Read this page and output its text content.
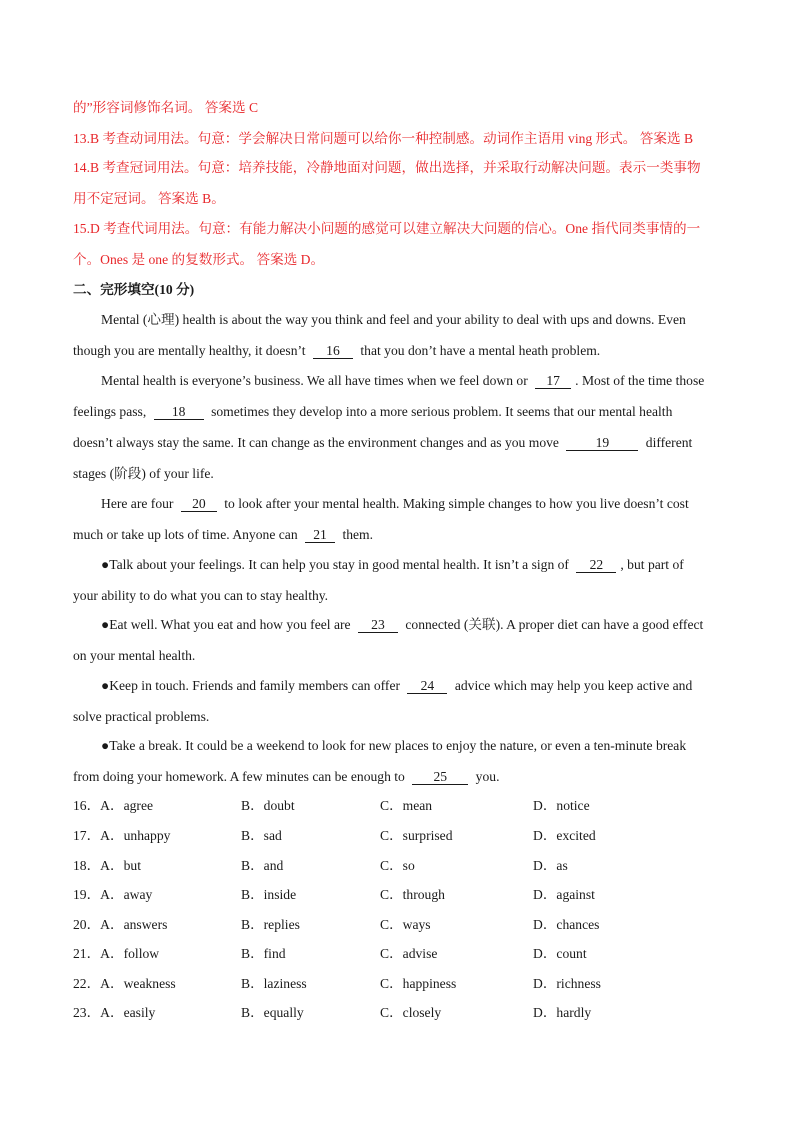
的”形容词修饰名词。 答案选 C
13.B 考查动词用法。句意：学会解决日常问题可以给你一种控制感。动词作主语用 ving 形式。 答案选 B
14.B 考查冠词用法。句意：培养技能，冷静地面对问题，做出选择，并采取行动解决问题。表示一类事物
用不定冠词。 答案选 B。
15.D 考查代词用法。句意：有能力解决小问题的感觉可以建立解决大问题的信心。One 指代同类事情的一
个。Ones 是 one 的复数形式。 答案选 D。
二、完形填空(10 分)
Mental (心理) health is about the way you think and feel and your ability to deal with ups and downs. Even
though you are mentally healthy, it doesn’t 16 that you don’t have a mental heath problem.
Mental health is everyone’s business. We all have times when we feel down or 17 . Most of the time those
feelings pass, 18 sometimes they develop into a more serious problem. It seems that our mental health
doesn’t always stay the same. It can change as the environment changes and as you move	19	different
stages (阶段) of your life.
Here are four 20 to look after your mental health. Making simple changes to how you live doesn’t cost
much or take up lots of time. Anyone can 21 them.
●Talk about your feelings. It can help you stay in good mental health. It isn’t a sign of 22 , but part of
your ability to do what you can to stay healthy.
●Eat well. What you eat and how you feel are 23 connected (关联). A proper diet can have a good effect
on your mental health.
●Keep in touch. Friends and family members can offer 24 advice which may help you keep active and
solve practical problems.
●Take a break. It could be a weekend to look for new places to enjoy the nature, or even a ten-minute break
from doing your homework. A few minutes can be enough to 25 you.
16．A．agree	B．doubt	C．mean	D．notice
17．A．unhappy	B．sad	C．surprised	D．excited
18．A．but	B．and	C．so	D．as
19．A．away	B．inside	C．through	D．against
20．A．answers	B．replies	C．ways	D．chances
21．A．follow	B．find	C．advise	D．count
22．A．weakness	B．laziness	C．happiness	D．richness
23．A．easily	B．equally	C．closely	D．hardly
